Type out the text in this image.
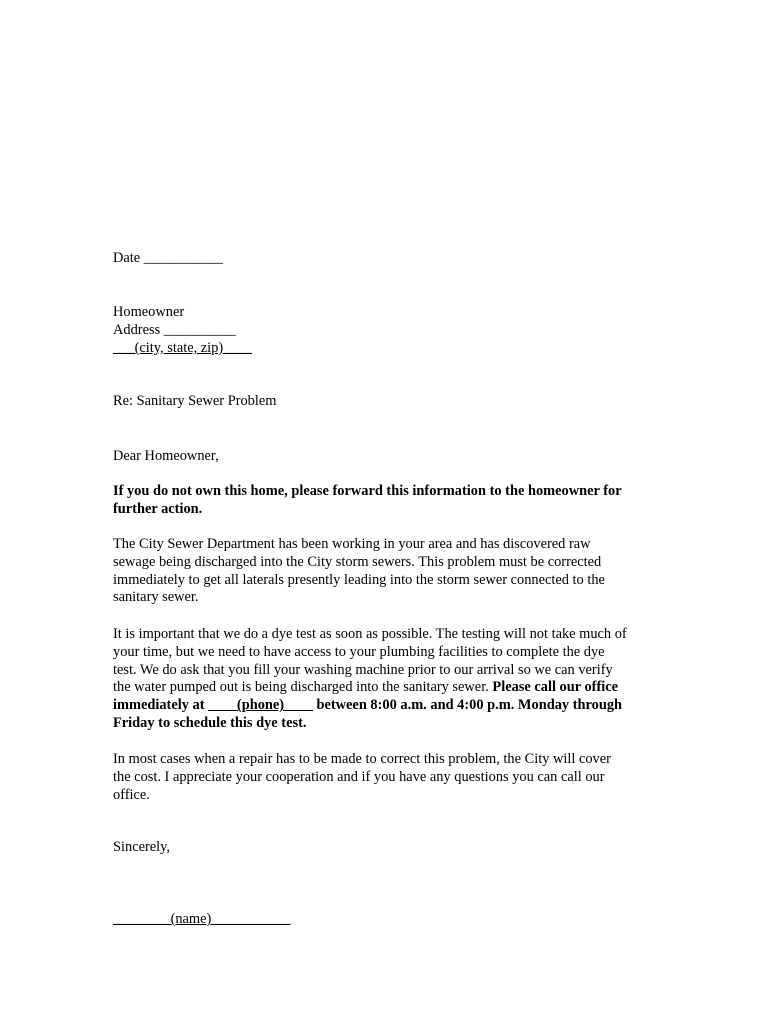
Date ___________
Homeowner
Address __________
___(city, state, zip)____
Re: Sanitary Sewer Problem
Dear Homeowner,

If you do not own this home, please forward this information to the homeowner for

further action.

The City Sewer Department has been working in your area and has discovered raw

sewage being discharged into the City storm sewers. This problem must be corrected

immediately to get all laterals presently leading into the storm sewer connected to the

sanitary sewer.

It is important that we do a dye test as soon as possible. The testing will not take much of

your time, but we need to have access to your plumbing facilities to complete the dye

test. We do ask that you fill your washing machine prior to our arrival so we can verify

the water pumped out is being discharged into the sanitary sewer. Please call our office

immediately at ____(phone)____ between 8:00 a.m. and 4:00 p.m. Monday through

Friday to schedule this dye test.

In most cases when a repair has to be made to correct this problem, the City will cover

the cost. I appreciate your cooperation and if you have any questions you can call our

office.

Sincerely,
________(name)___________
